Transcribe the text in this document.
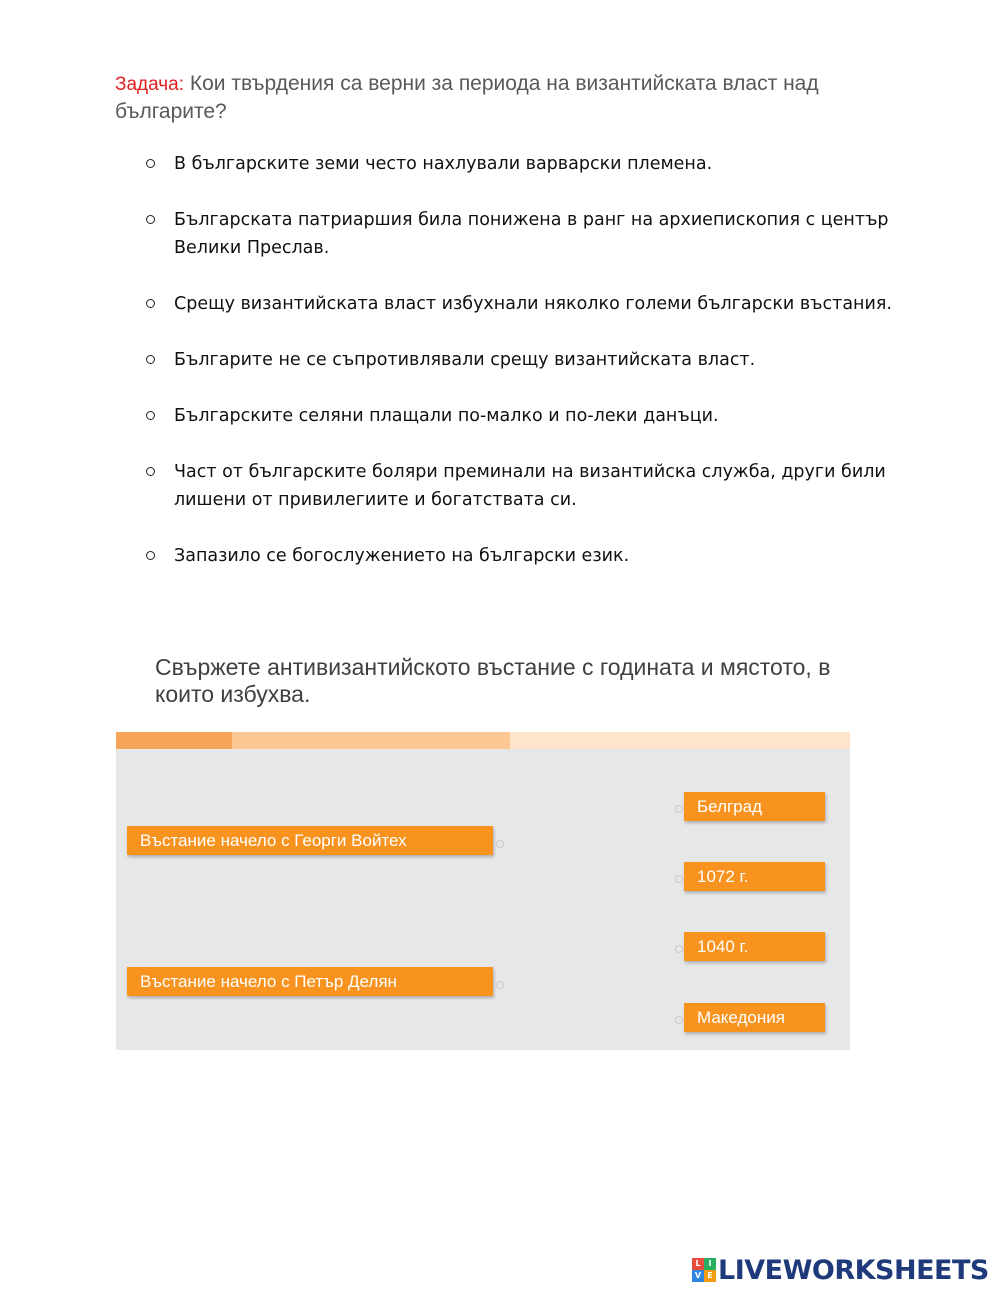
Задача: Кои твърдения са верни за периода на византийската власт над българите?
В българските земи често нахлували варварски племена.
Българската патриаршия била понижена в ранг на архиепископия с център Велики Преслав.
Срещу византийската власт избухнали няколко големи български въстания.
Българите не се съпротивлявали срещу византийската власт.
Българските селяни плащали по-малко и по-леки данъци.
Част от българските боляри преминали на византийска служба, други били лишени от привилегиите и богатствата си.
Запазило се богослужението на български език.
Свържете антивизантийското въстание с годината и мястото, в които избухва.
Въстание начело с Георги Войтех
Въстание начело с Петър Делян
Белград
1072 г.
1040 г.
Македония
L I
V E LIVEWORKSHEETS
